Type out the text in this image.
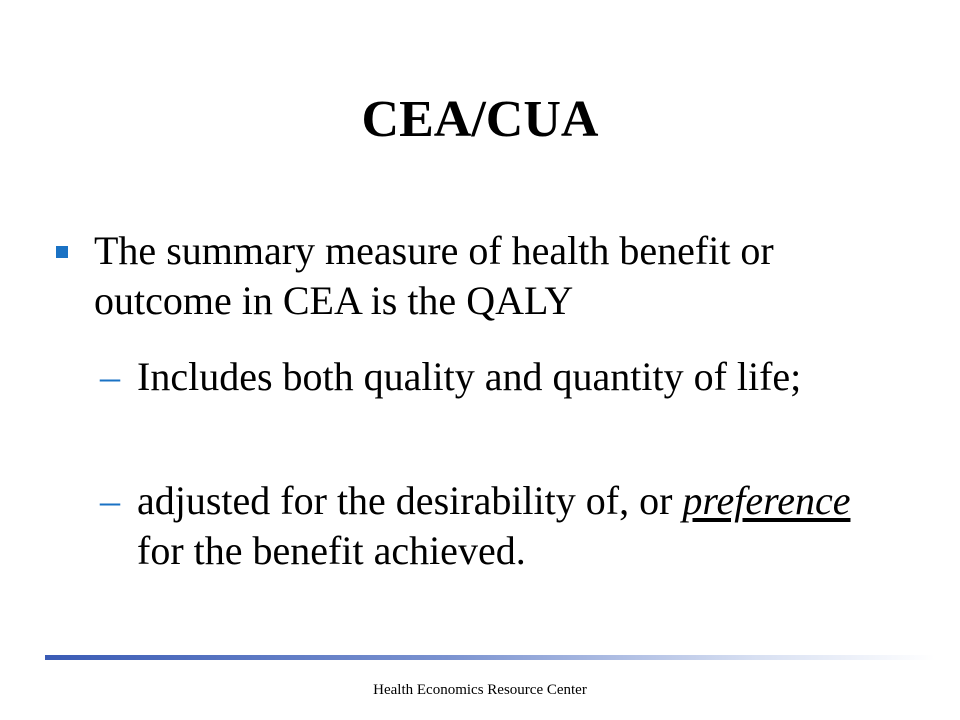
CEA/CUA
The summary measure of health benefit or outcome in CEA is the QALY
– Includes both quality and quantity of life;
– adjusted for the desirability of, or preference for the benefit achieved.
Health Economics Resource Center
